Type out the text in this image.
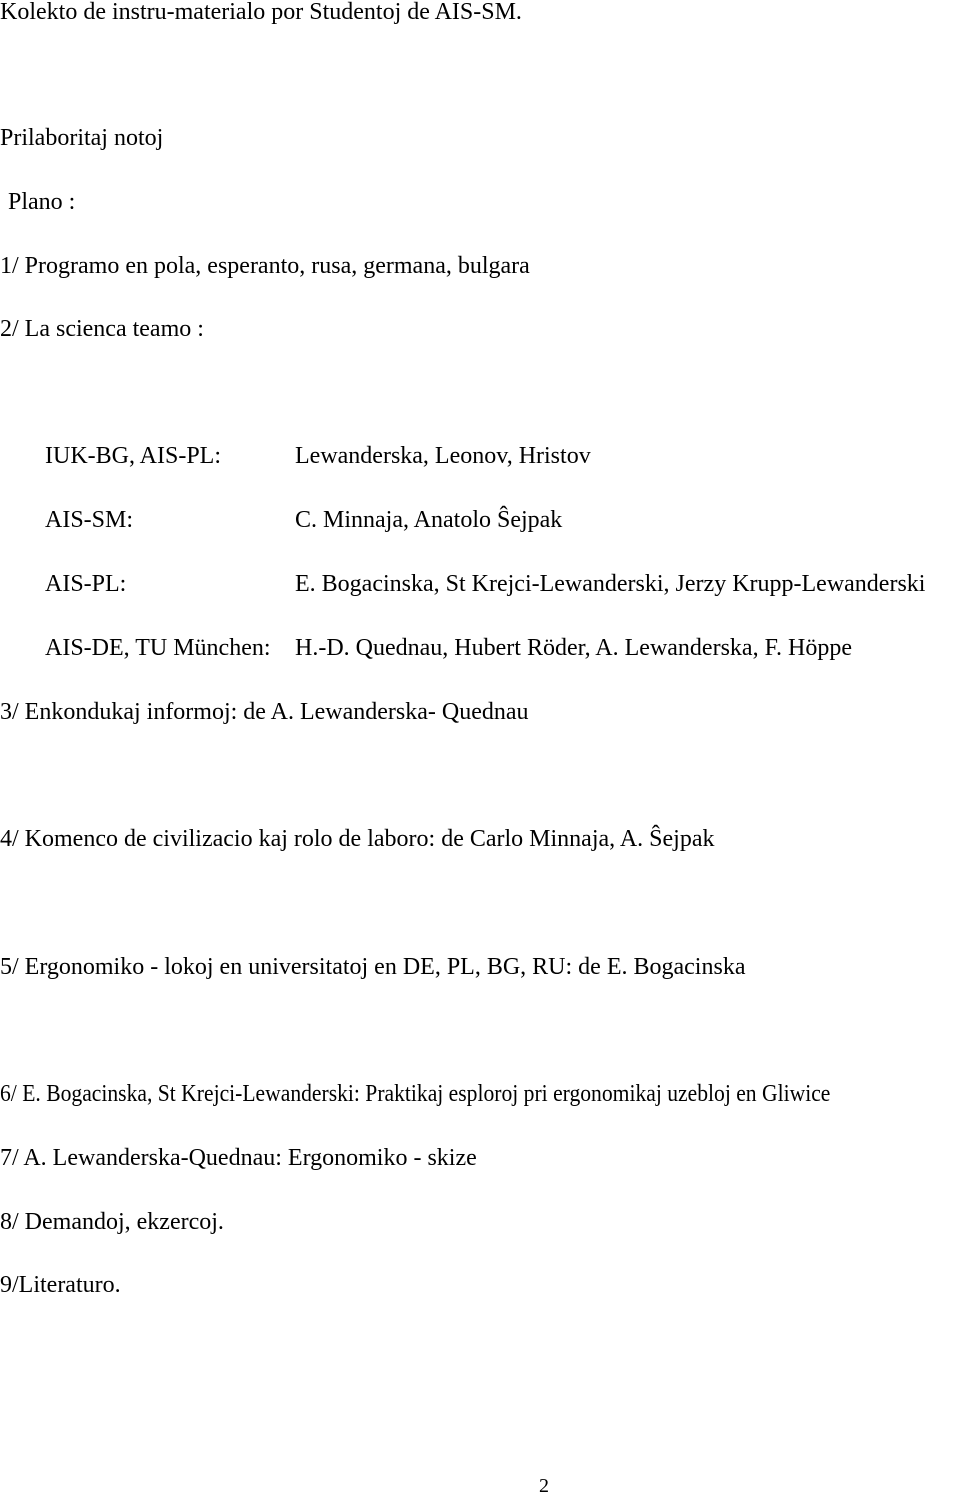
Kolekto de instru-materialo por Studentoj de AIS-SM.
Prilaboritaj notoj
Plano :
1/ Programo en pola, esperanto, rusa, germana, bulgara
2/ La scienca teamo :
IUK-BG, AIS-PL:	Lewanderska, Leonov, Hristov
AIS-SM:	C. Minnaja, Anatolo Ŝejpak
AIS-PL:	E. Bogacinska, St Krejci-Lewanderski, Jerzy Krupp-Lewanderski
AIS-DE, TU München: H.-D. Quednau, Hubert Röder, A. Lewanderska, F. Höppe
3/ Enkondukaj informoj: de A. Lewanderska- Quednau
4/ Komenco de civilizacio kaj rolo de laboro: de Carlo Minnaja, A. Ŝejpak
5/ Ergonomiko - lokoj en universitatoj en DE, PL, BG, RU: de E. Bogacinska
6/ E. Bogacinska, St Krejci-Lewanderski: Praktikaj esploroj pri ergonomikaj uzebloj en Gliwice
7/ A. Lewanderska-Quednau: Ergonomiko - skize
8/ Demandoj, ekzercoj.
9/Literaturo.
2
